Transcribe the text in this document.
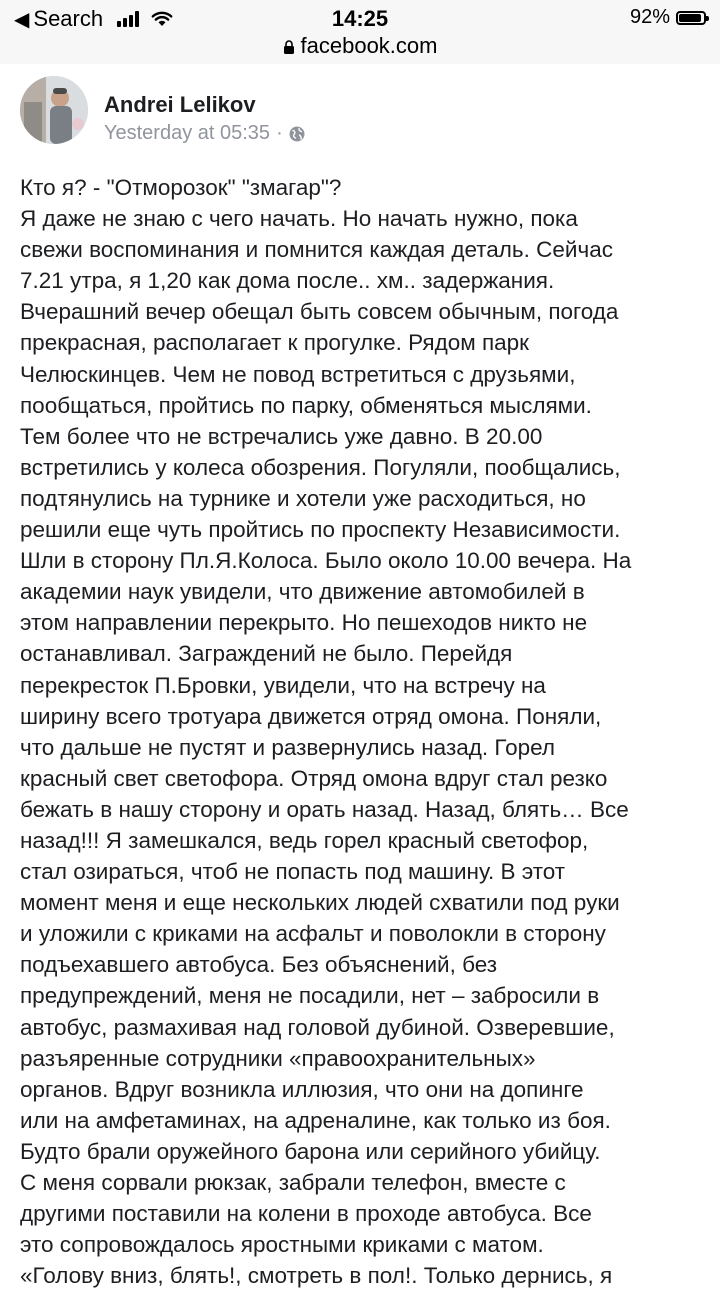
◀ Search	14:25
facebook.com
92%
Andrei Lelikov
Yesterday at 05:35 ·
Кто я? - "Отморозок" "змагар"?
Я даже не знаю с чего начать. Но начать нужно, пока
свежи воспоминания и помнится каждая деталь. Сейчас
7.21 утра, я 1,20 как дома после.. хм.. задержания.
Вчерашний вечер обещал быть совсем обычным, погода
прекрасная, располагает к прогулке. Рядом парк
Челюскинцев. Чем не повод встретиться с друзьями,
пообщаться, пройтись по парку, обменяться мыслями.
Тем более что не встречались уже давно. В 20.00
встретились у колеса обозрения. Погуляли, пообщались,
подтянулись на турнике и хотели уже расходиться, но
решили еще чуть пройтись по проспекту Независимости.
Шли в сторону Пл.Я.Колоса. Было около 10.00 вечера. На
академии наук увидели, что движение автомобилей в
этом направлении перекрыто. Но пешеходов никто не
останавливал. Заграждений не было. Перейдя
перекресток П.Бровки, увидели, что на встречу на
ширину всего тротуара движется отряд омона. Поняли,
что дальше не пустят и развернулись назад. Горел
красный свет светофора. Отряд омона вдруг стал резко
бежать в нашу сторону и орать назад. Назад, блять… Все
назад!!! Я замешкался, ведь горел красный светофор,
стал озираться, чтоб не попасть под машину. В этот
момент меня и еще нескольких людей схватили под руки
и уложили с криками на асфальт и поволокли в сторону
подъехавшего автобуса. Без объяснений, без
предупреждений, меня не посадили, нет – забросили в
автобус, размахивая над головой дубиной. Озверевшие,
разъяренные сотрудники «правоохранительных»
органов. Вдруг возникла иллюзия, что они на допинге
или на амфетаминах, на адреналине, как только из боя.
Будто брали оружейного барона или серийного убийцу.
С меня сорвали рюкзак, забрали телефон, вместе с
другими поставили на колени в проходе автобуса. Все
это сопровождалось яростными криками с матом.
«Голову вниз, блять!, смотреть в пол!. Только дернись, я
